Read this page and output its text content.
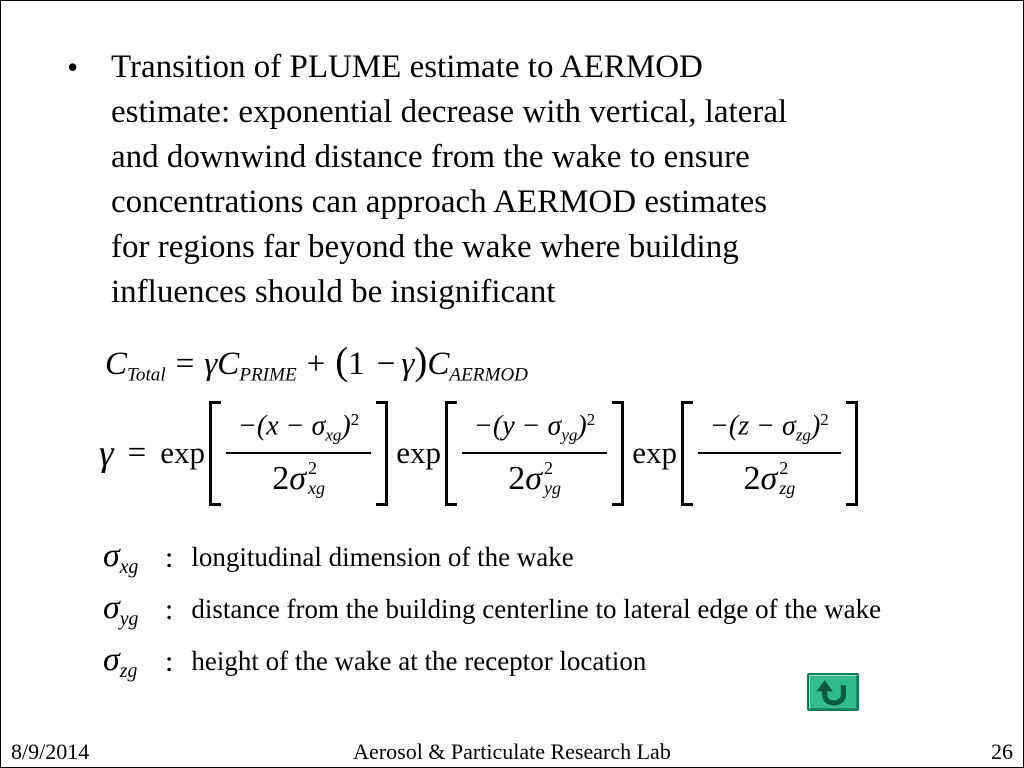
• Transition of PLUME estimate to AERMOD
estimate: exponential decrease with vertical, lateral
and downwind distance from the wake to ensure
concentrations can approach AERMOD estimates
for regions far beyond the wake where building
influences should be insignificant
$C_{Total} = \gamma C_{PRIME} + (1 - \gamma)C_{AERMOD}$
$\gamma = \exp -(x - \sigma_{xg})^2$
2 σ 2
xg $\exp -(y - \sigma_{yg})^2$
2 σ 2
yg $\exp -(z - \sigma_{zg})^2$
2 σ 2
zg
$\sigma_{xg}$ : longitudinal dimension of the wake
$\sigma_{yg}$ : distance from the building centerline to lateral edge of the wake
$\sigma_{zg}$ : height of the wake at the receptor location
Aerosol & Particulate Research Lab
8/9/2014	26
